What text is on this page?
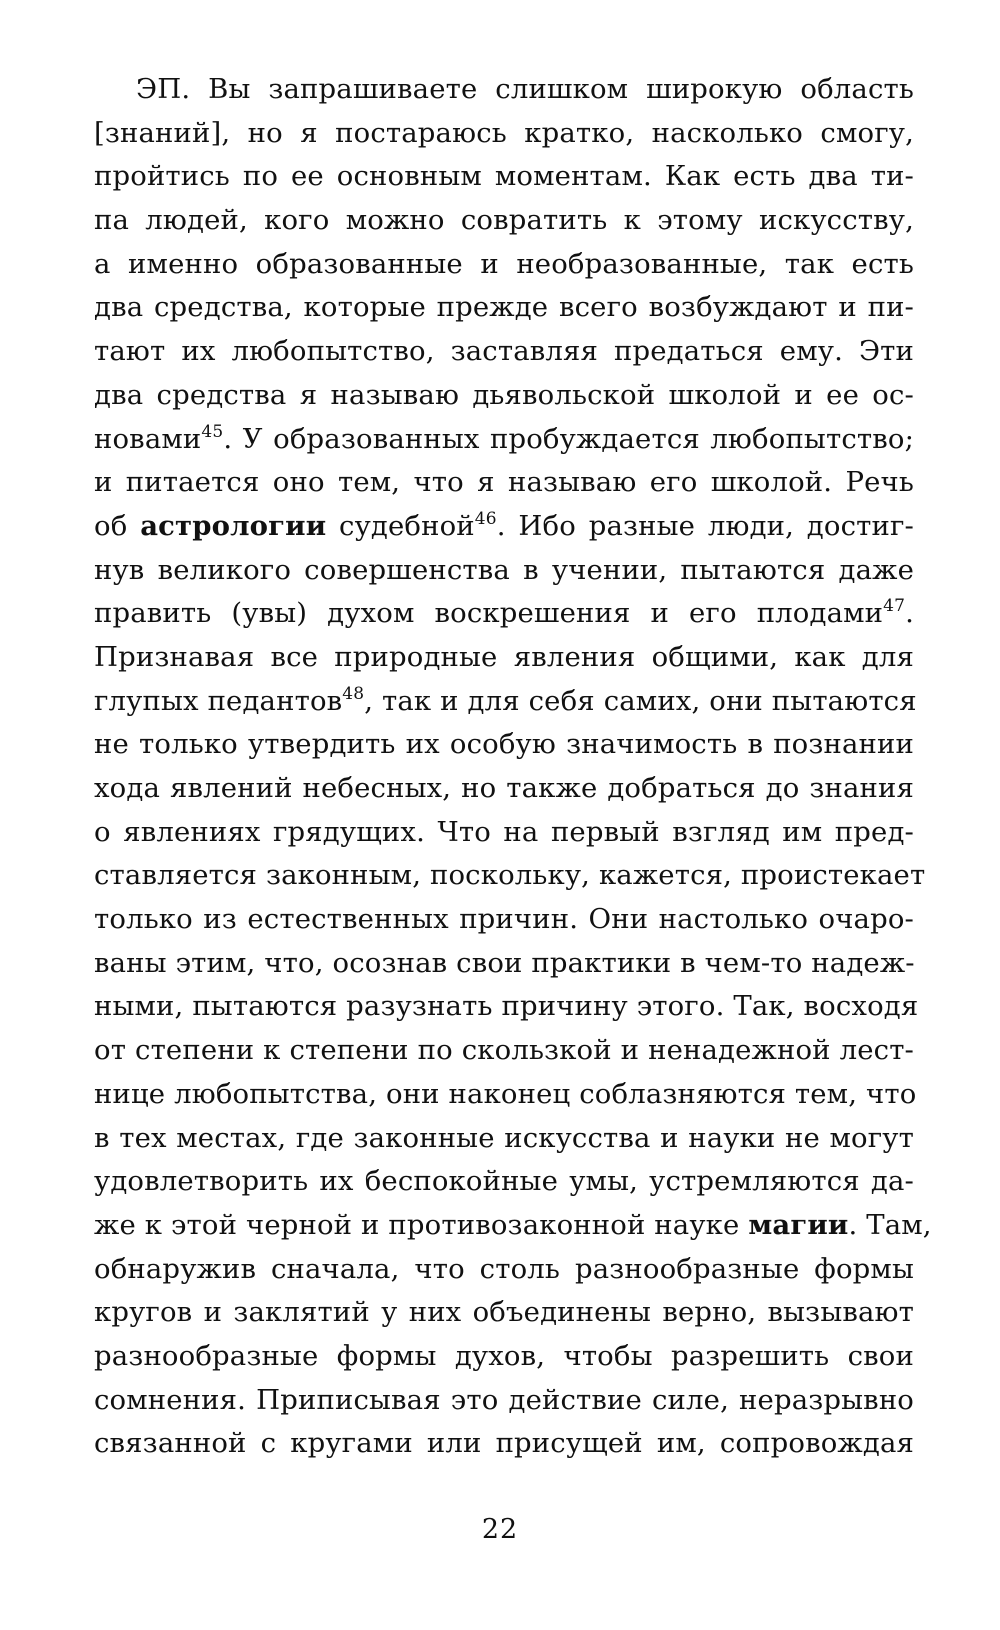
ЭП. Вы запрашиваете слишком широкую область
[знаний], но я постараюсь кратко, насколько смогу,
пройтись по ее основным моментам. Как есть два ти-
па людей, кого можно совратить к этому искусству,
а именно образованные и необразованные, так есть
два средства, которые прежде всего возбуждают и пи-
тают их любопытство, заставляя предаться ему. Эти
два средства я называю дьявольской школой и ее ос-
новами$^{45}$. У образованных пробуждается любопытство;
и питается оно тем, что я называю его школой. Речь
об астрологии судебной$^{46}$. Ибо разные люди, достиг-
нув великого совершенства в учении, пытаются даже
править (увы) духом воскрешения и его плодами$^{47}$.
Признавая все природные явления общими, как для
глупых педантов$^{48}$, так и для себя самих, они пытаются
не только утвердить их особую значимость в познании
хода явлений небесных, но также добраться до знания
о явлениях грядущих. Что на первый взгляд им пред-
ставляется законным, поскольку, кажется, проистекает
только из естественных причин. Они настолько очаро-
ваны этим, что, осознав свои практики в чем-то надеж-
ными, пытаются разузнать причину этого. Так, восходя
от степени к степени по скользкой и ненадежной лест-
нице любопытства, они наконец соблазняются тем, что
в тех местах, где законные искусства и науки не могут
удовлетворить их беспокойные умы, устремляются да-
же к этой черной и противозаконной науке магии. Там,
обнаружив сначала, что столь разнообразные формы
кругов и заклятий у них объединены верно, вызывают
разнообразные формы духов, чтобы разрешить свои
сомнения. Приписывая это действие силе, неразрывно
связанной с кругами или присущей им, сопровождая
22
